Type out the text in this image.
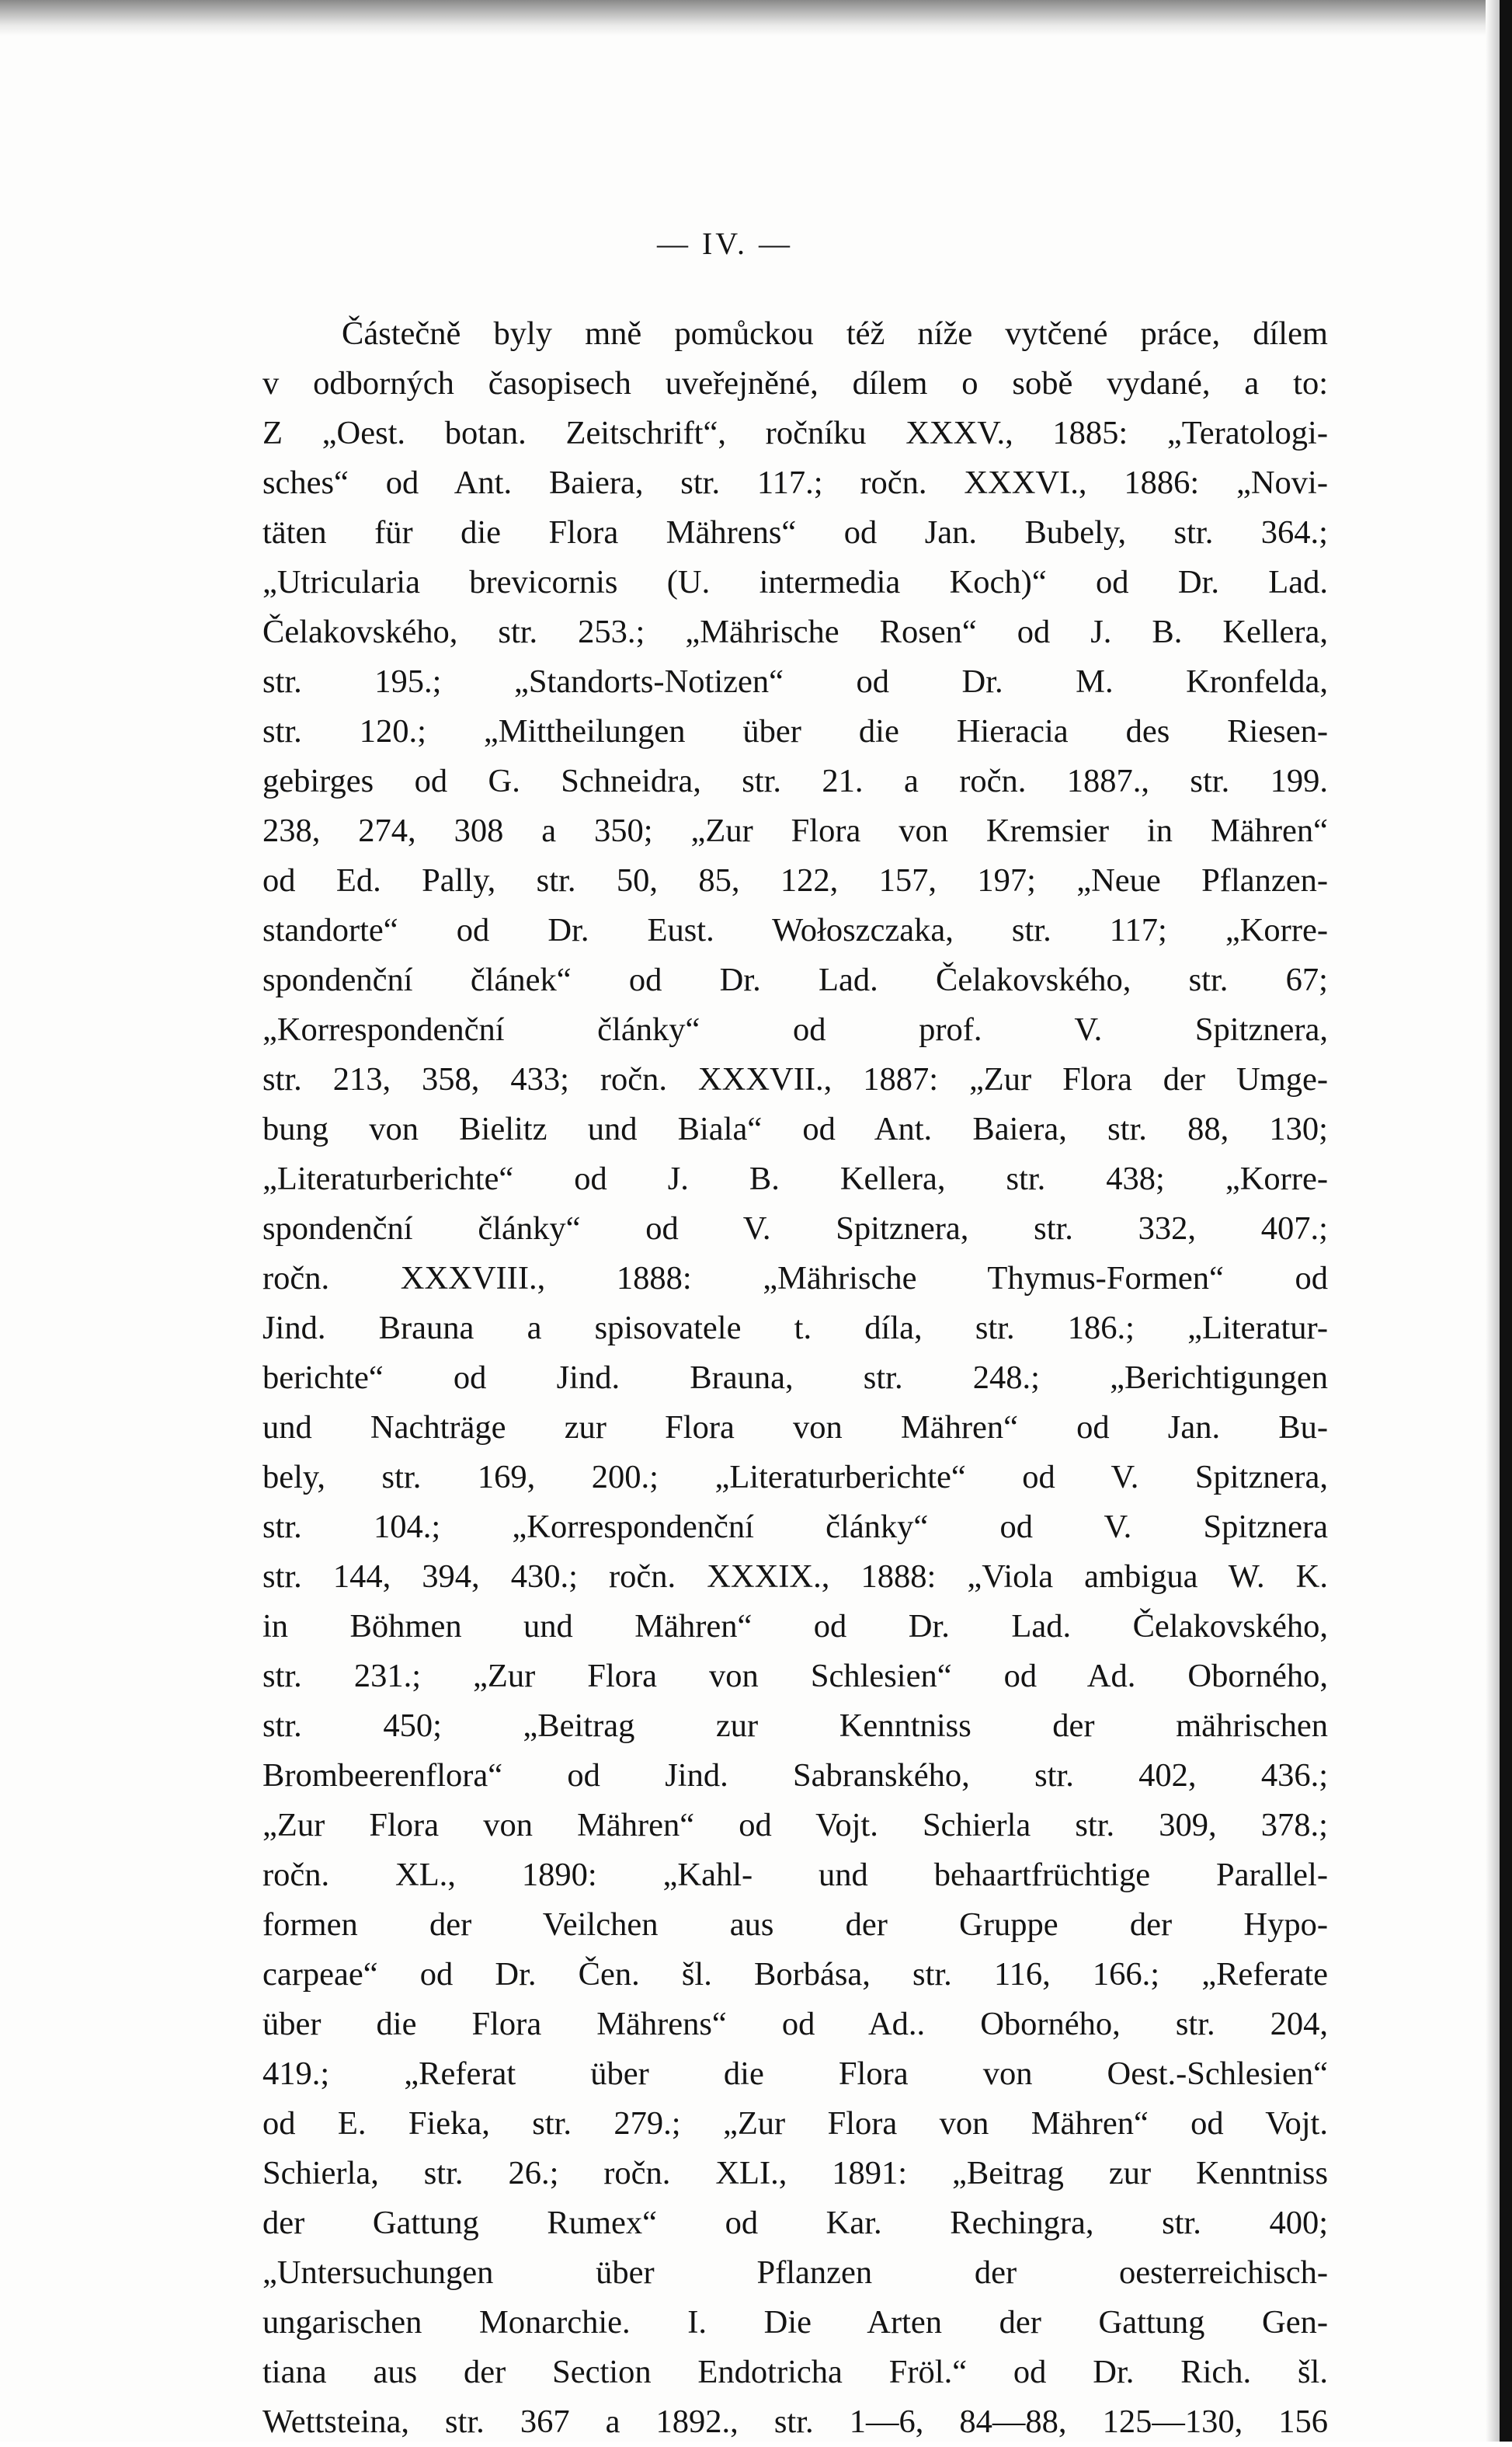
— IV. —
Částečně byly mně pomůckou též níže vytčené práce, dílem
v odborných časopisech uveřejněné, dílem o sobě vydané, a to:
Z „Oest. botan. Zeitschrift“, ročníku XXXV., 1885: „Teratologi-
sches“ od Ant. Baiera, str. 117.; ročn. XXXVI., 1886: „Novi-
täten für die Flora Mährens“ od Jan. Bubely, str. 364.;
„Utricularia brevicornis (U. intermedia Koch)“ od Dr. Lad.
Čelakovského, str. 253.; „Mährische Rosen“ od J. B. Kellera,
str. 195.; „Standorts-Notizen“ od Dr. M. Kronfelda,
str. 120.; „Mittheilungen über die Hieracia des Riesen-
gebirges od G. Schneidra, str. 21. a ročn. 1887., str. 199.
238, 274, 308 a 350; „Zur Flora von Kremsier in Mähren“
od Ed. Pally, str. 50, 85, 122, 157, 197; „Neue Pflanzen-
standorte“ od Dr. Eust. Wołoszczaka, str. 117; „Korre-
spondenční článek“ od Dr. Lad. Čelakovského, str. 67;
„Korrespondenční články“ od prof. V. Spitznera,
str. 213, 358, 433; ročn. XXXVII., 1887: „Zur Flora der Umge-
bung von Bielitz und Biala“ od Ant. Baiera, str. 88, 130;
„Literaturberichte“ od J. B. Kellera, str. 438; „Korre-
spondenční články“ od V. Spitznera, str. 332, 407.;
ročn. XXXVIII., 1888: „Mährische Thymus-Formen“ od
Jind. Brauna a spisovatele t. díla, str. 186.; „Literatur-
berichte“ od Jind. Brauna, str. 248.; „Berichtigungen
und Nachträge zur Flora von Mähren“ od Jan. Bu-
bely, str. 169, 200.; „Literaturberichte“ od V. Spitznera,
str. 104.; „Korrespondenční články“ od V. Spitznera
str. 144, 394, 430.; ročn. XXXIX., 1888: „Viola ambigua W. K.
in Böhmen und Mähren“ od Dr. Lad. Čelakovského,
str. 231.; „Zur Flora von Schlesien“ od Ad. Oborného,
str. 450; „Beitrag zur Kenntniss der mährischen
Brombeerenflora“ od Jind. Sabranského, str. 402, 436.;
„Zur Flora von Mähren“ od Vojt. Schierla str. 309, 378.;
ročn. XL., 1890: „Kahl- und behaartfrüchtige Parallel-
formen der Veilchen aus der Gruppe der Hypo-
carpeae“ od Dr. Čen. šl. Borbása, str. 116, 166.; „Referate
über die Flora Mährens“ od Ad.. Oborného, str. 204,
419.; „Referat über die Flora von Oest.-Schlesien“
od E. Fieka, str. 279.; „Zur Flora von Mähren“ od Vojt.
Schierla, str. 26.; ročn. XLI., 1891: „Beitrag zur Kenntniss
der Gattung Rumex“ od Kar. Rechingra, str. 400;
„Untersuchungen über Pflanzen der oesterreichisch-
ungarischen Monarchie. I. Die Arten der Gattung Gen-
tiana aus der Section Endotricha Fröl.“ od Dr. Rich. šl.
Wettsteina, str. 367 a 1892., str. 1—6, 84—88, 125—130, 156
